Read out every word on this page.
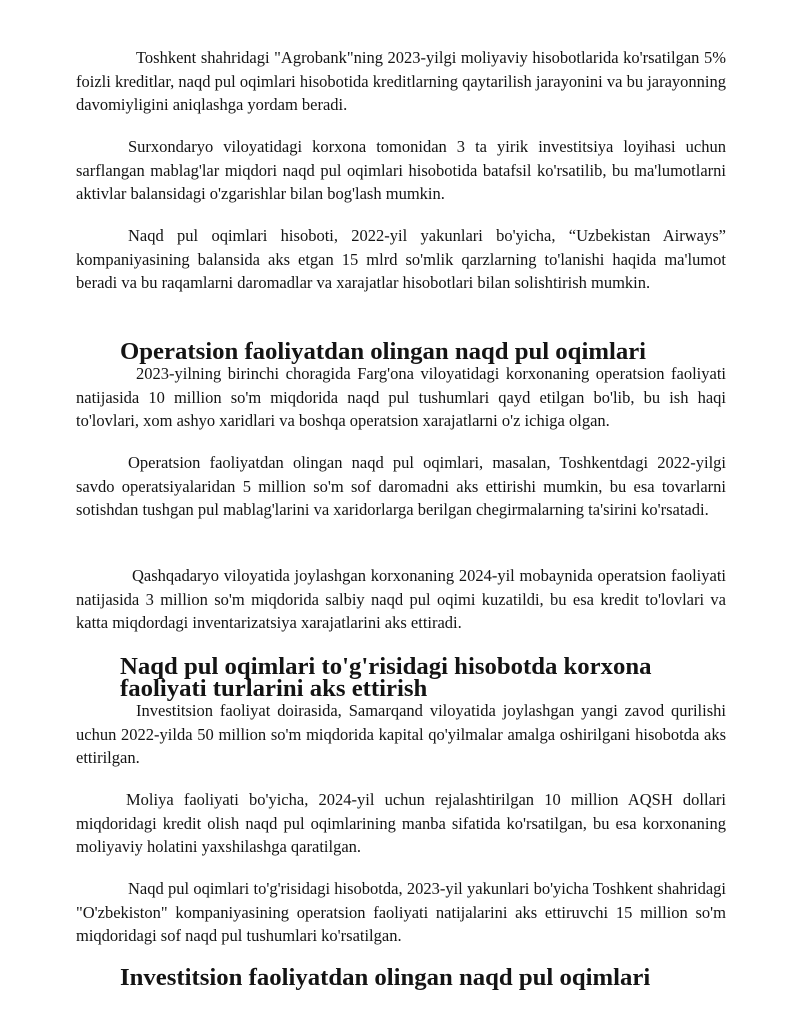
Toshkent shahridagi "Agrobank"ning 2023-yilgi moliyaviy hisobotlarida ko'rsatilgan 5% foizli kreditlar, naqd pul oqimlari hisobotida kreditlarning qaytarilish jarayonini va bu jarayonning davomiyligini aniqlashga yordam beradi.

Surxondaryo viloyatidagi korxona tomonidan 3 ta yirik investitsiya loyihasi uchun sarflangan mablag'lar miqdori naqd pul oqimlari hisobotida batafsil ko'rsatilib, bu ma'lumotlarni aktivlar balansidagi o'zgarishlar bilan bog'lash mumkin.

Naqd pul oqimlari hisoboti, 2022-yil yakunlari bo'yicha, “Uzbekistan Airways” kompaniyasining balansida aks etgan 15 mlrd so'mlik qarzlarning to'lanishi haqida ma'lumot beradi va bu raqamlarni daromadlar va xarajatlar hisobotlari bilan solishtirish mumkin.

Operatsion faoliyatdan olingan naqd pul oqimlari

2023-yilning birinchi choragida Farg'ona viloyatidagi korxonaning operatsion faoliyati natijasida 10 million so'm miqdorida naqd pul tushumlari qayd etilgan bo'lib, bu ish haqi to'lovlari, xom ashyo xaridlari va boshqa operatsion xarajatlarni o'z ichiga olgan.

Operatsion faoliyatdan olingan naqd pul oqimlari, masalan, Toshkentdagi 2022-yilgi savdo operatsiyalaridan 5 million so'm sof daromadni aks ettirishi mumkin, bu esa tovarlarni sotishdan tushgan pul mablag'larini va xaridorlarga berilgan chegirmalarning ta'sirini ko'rsatadi.

Qashqadaryo viloyatida joylashgan korxonaning 2024-yil mobaynida operatsion faoliyati natijasida 3 million so'm miqdorida salbiy naqd pul oqimi kuzatildi, bu esa kredit to'lovlari va katta miqdordagi inventarizatsiya xarajatlarini aks ettiradi.

Naqd pul oqimlari to'g'risidagi hisobotda korxona faoliyati turlarini aks ettirish

Investitsion faoliyat doirasida, Samarqand viloyatida joylashgan yangi zavod qurilishi uchun 2022-yilda 50 million so'm miqdorida kapital qo'yilmalar amalga oshirilgani hisobotda aks ettirilgan.

Moliya faoliyati bo'yicha, 2024-yil uchun rejalashtirilgan 10 million AQSH dollari miqdoridagi kredit olish naqd pul oqimlarining manba sifatida ko'rsatilgan, bu esa korxonaning moliyaviy holatini yaxshilashga qaratilgan.

Naqd pul oqimlari to'g'risidagi hisobotda, 2023-yil yakunlari bo'yicha Toshkent shahridagi "O'zbekiston" kompaniyasining operatsion faoliyati natijalarini aks ettiruvchi 15 million so'm miqdoridagi sof naqd pul tushumlari ko'rsatilgan.

Investitsion faoliyatdan olingan naqd pul oqimlari
